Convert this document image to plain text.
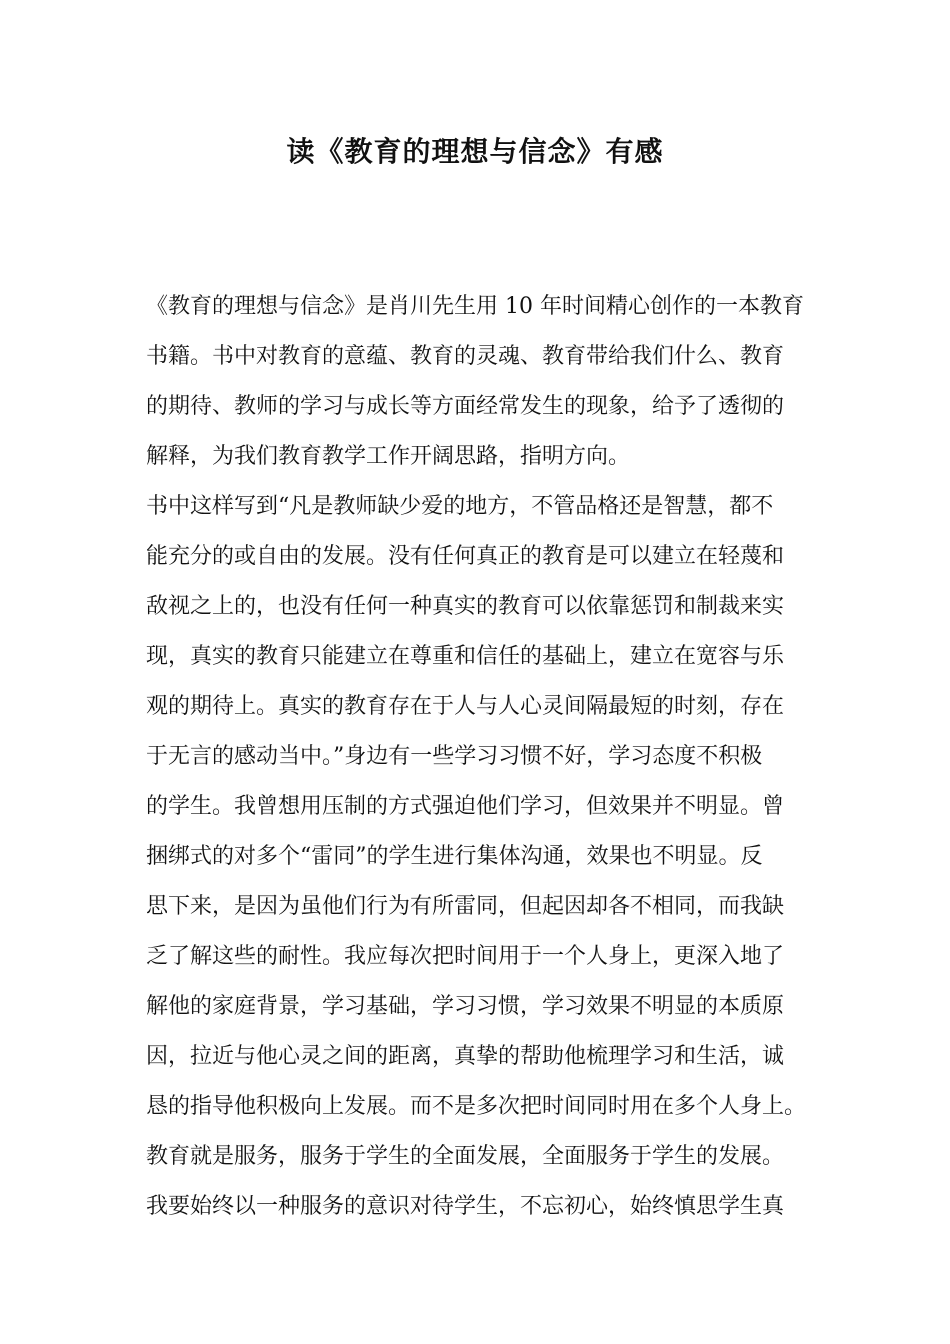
读《教育的理想与信念》有感
《教育的理想与信念》是肖川先生用 10 年时间精心创作的一本教育
书籍。书中对教育的意蕴、教育的灵魂、教育带给我们什么、教育
的期待、教师的学习与成长等方面经常发生的现象，给予了透彻的
解释，为我们教育教学工作开阔思路，指明方向。
书中这样写到“凡是教师缺少爱的地方，不管品格还是智慧，都不
能充分的或自由的发展。没有任何真正的教育是可以建立在轻蔑和
敌视之上的，也没有任何一种真实的教育可以依靠惩罚和制裁来实
现，真实的教育只能建立在尊重和信任的基础上，建立在宽容与乐
观的期待上。真实的教育存在于人与人心灵间隔最短的时刻，存在
于无言的感动当中。”身边有一些学习习惯不好，学习态度不积极
的学生。我曾想用压制的方式强迫他们学习，但效果并不明显。曾
捆绑式的对多个“雷同”的学生进行集体沟通，效果也不明显。反
思下来，是因为虽他们行为有所雷同，但起因却各不相同，而我缺
乏了解这些的耐性。我应每次把时间用于一个人身上，更深入地了
解他的家庭背景，学习基础，学习习惯，学习效果不明显的本质原
因，拉近与他心灵之间的距离，真挚的帮助他梳理学习和生活，诚
恳的指导他积极向上发展。而不是多次把时间同时用在多个人身上。
教育就是服务，服务于学生的全面发展，全面服务于学生的发展。
我要始终以一种服务的意识对待学生，不忘初心，始终慎思学生真
